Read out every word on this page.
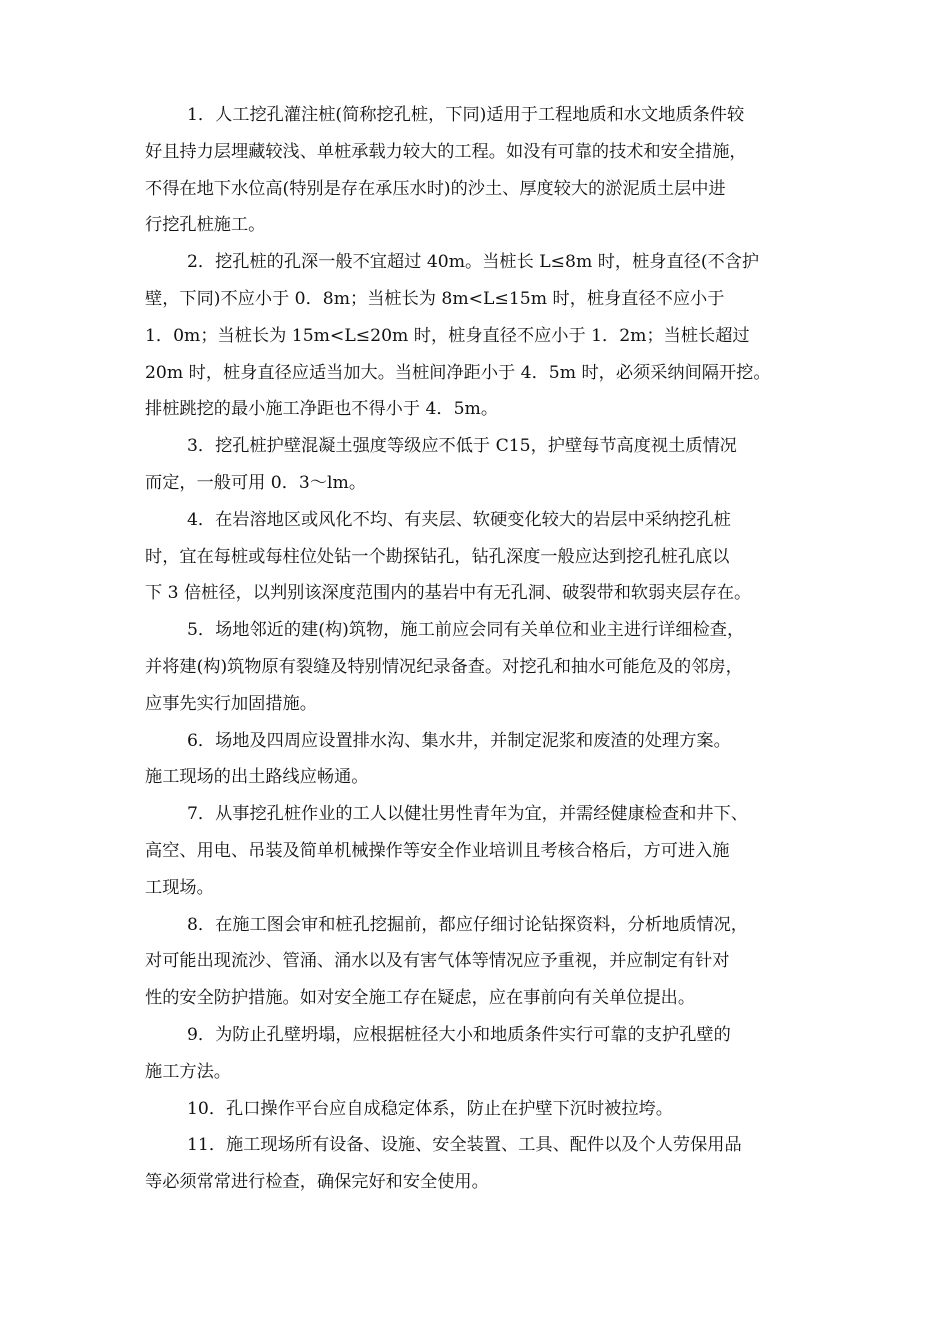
1．人工挖孔灌注桩(简称挖孔桩，下同)适用于工程地质和水文地质条件较
好且持力层埋藏较浅、单桩承载力较大的工程。如没有可靠的技术和安全措施，
不得在地下水位高(特别是存在承压水时)的沙土、厚度较大的淤泥质土层中进
行挖孔桩施工。
2．挖孔桩的孔深一般不宜超过 40m。当桩长 L≤8m 时，桩身直径(不含护
壁，下同)不应小于 0．8m；当桩长为 8m<L≤15m 时，桩身直径不应小于
1．0m；当桩长为 15m<L≤20m 时，桩身直径不应小于 1．2m；当桩长超过
20m 时，桩身直径应适当加大。当桩间净距小于 4．5m 时，必须采纳间隔开挖。
排桩跳挖的最小施工净距也不得小于 4．5m。
3．挖孔桩护壁混凝土强度等级应不低于 C15，护壁每节高度视土质情况
而定，一般可用 0．3～lm。
4．在岩溶地区或风化不均、有夹层、软硬变化较大的岩层中采纳挖孔桩
时，宜在每桩或每柱位处钻一个勘探钻孔，钻孔深度一般应达到挖孔桩孔底以
下 3 倍桩径，以判别该深度范围内的基岩中有无孔洞、破裂带和软弱夹层存在。
5．场地邻近的建(构)筑物，施工前应会同有关单位和业主进行详细检查，
并将建(构)筑物原有裂缝及特别情况纪录备查。对挖孔和抽水可能危及的邻房，
应事先实行加固措施。
6．场地及四周应设置排水沟、集水井，并制定泥浆和废渣的处理方案。
施工现场的出土路线应畅通。
7．从事挖孔桩作业的工人以健壮男性青年为宜，并需经健康检查和井下、
高空、用电、吊装及简单机械操作等安全作业培训且考核合格后，方可进入施
工现场。
8．在施工图会审和桩孔挖掘前，都应仔细讨论钻探资料，分析地质情况，
对可能出现流沙、管涌、涌水以及有害气体等情况应予重视，并应制定有针对
性的安全防护措施。如对安全施工存在疑虑，应在事前向有关单位提出。
9．为防止孔壁坍塌，应根据桩径大小和地质条件实行可靠的支护孔壁的
施工方法。
10．孔口操作平台应自成稳定体系，防止在护壁下沉时被拉垮。
11．施工现场所有设备、设施、安全装置、工具、配件以及个人劳保用品
等必须常常进行检查，确保完好和安全使用。
